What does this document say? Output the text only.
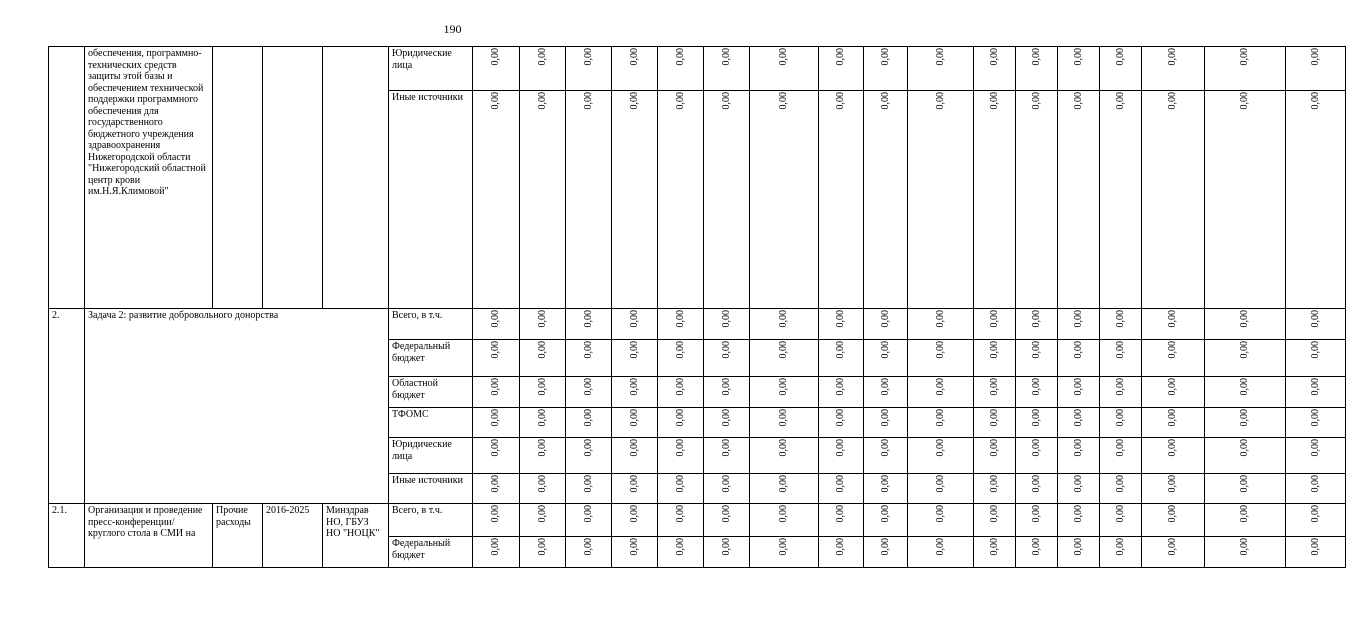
190
	обеспечения, программно-технических средств защиты этой базы и обеспечением технической поддержки программного обеспечения для государственного бюджетного учреждения здравоохранения Нижегородской области "Нижегородский областной центр крови им.Н.Я.Климовой"				Юридические лица	0,00	0,00	0,00	0,00	0,00	0,00	0,00	0,00	0,00	0,00	0,00	0,00	0,00	0,00	0,00	0,00	0,00

					Иные источники	0,00	0,00	0,00	0,00	0,00	0,00	0,00	0,00	0,00	0,00	0,00	0,00	0,00	0,00	0,00	0,00	0,00

2.	Задача 2: развитие добровольного донорства				Всего, в т.ч.	0,00	0,00	0,00	0,00	0,00	0,00	0,00	0,00	0,00	0,00	0,00	0,00	0,00	0,00	0,00	0,00	0,00

					Федеральный бюджет	0,00	0,00	0,00	0,00	0,00	0,00	0,00	0,00	0,00	0,00	0,00	0,00	0,00	0,00	0,00	0,00	0,00

					Областной бюджет	0,00	0,00	0,00	0,00	0,00	0,00	0,00	0,00	0,00	0,00	0,00	0,00	0,00	0,00	0,00	0,00	0,00

					ТФОМС	0,00	0,00	0,00	0,00	0,00	0,00	0,00	0,00	0,00	0,00	0,00	0,00	0,00	0,00	0,00	0,00	0,00

					Юридические лица	0,00	0,00	0,00	0,00	0,00	0,00	0,00	0,00	0,00	0,00	0,00	0,00	0,00	0,00	0,00	0,00	0,00

					Иные источники	0,00	0,00	0,00	0,00	0,00	0,00	0,00	0,00	0,00	0,00	0,00	0,00	0,00	0,00	0,00	0,00	0,00

2.1.	Организация и проведение пресс-конференции/круглого стола в СМИ на	Прочие расходы	2016-2025	Минздрав НО, ГБУЗ НО "НОЦК"	Всего, в т.ч.	0,00	0,00	0,00	0,00	0,00	0,00	0,00	0,00	0,00	0,00	0,00	0,00	0,00	0,00	0,00	0,00	0,00

					Федеральный бюджет	0,00	0,00	0,00	0,00	0,00	0,00	0,00	0,00	0,00	0,00	0,00	0,00	0,00	0,00	0,00	0,00	0,00
